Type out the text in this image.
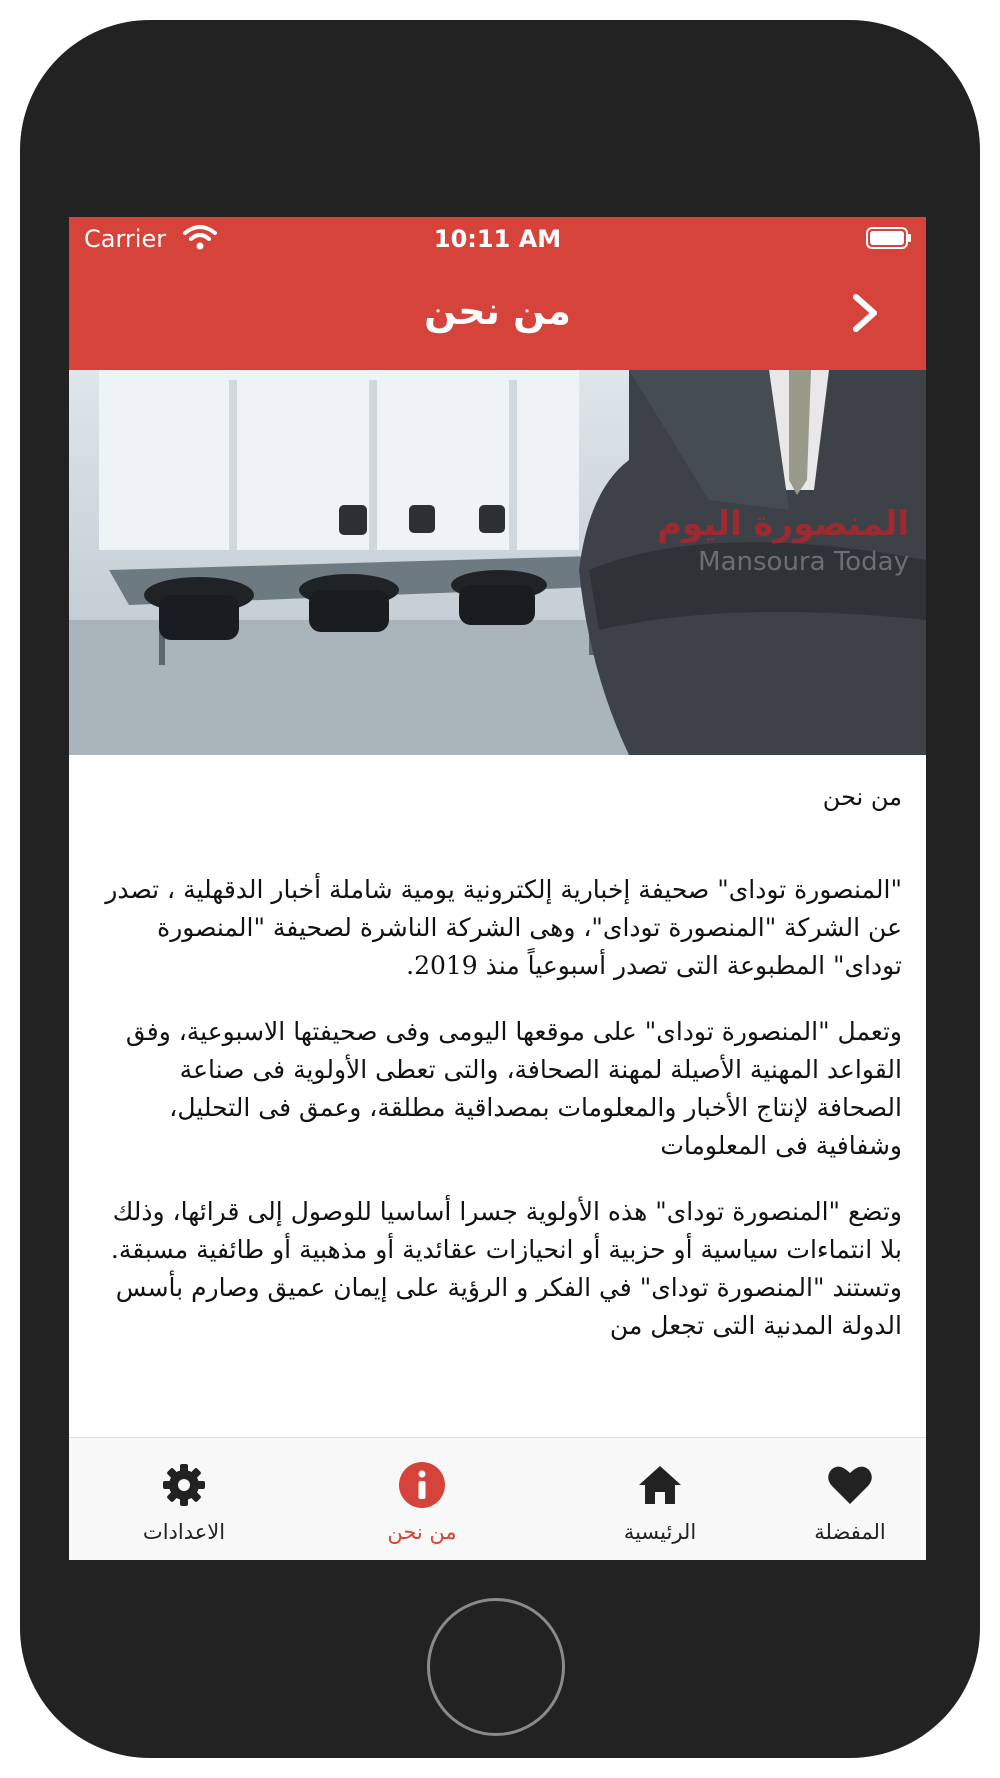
Carrier	10:11 AM
من نحن
المنصورة اليوم
Mansoura Today
من نحن

"المنصورة توداى" صحيفة إخبارية إلكترونية يومية شاملة أخبار الدقهلية ، تصدر عن الشركة "المنصورة توداى"، وهى الشركة الناشرة لصحيفة "المنصورة توداى" المطبوعة التى تصدر أسبوعياً منذ 2019.

وتعمل "المنصورة توداى" على موقعها اليومى وفى صحيفتها الاسبوعية، وفق القواعد المهنية الأصيلة لمهنة الصحافة، والتى تعطى الأولوية فى صناعة الصحافة لإنتاج الأخبار والمعلومات بمصداقية مطلقة، وعمق فى التحليل، وشفافية فى المعلومات

وتضع "المنصورة توداى" هذه الأولوية جسرا أساسيا للوصول إلى قرائها، وذلك بلا انتماءات سياسية أو حزبية أو انحيازات عقائدية أو مذهبية أو طائفية مسبقة. وتستند "المنصورة توداى" في الفكر و الرؤية على إيمان عميق وصارم بأسس الدولة المدنية التى تجعل من

الاعدادات	من نحن	الرئيسية	المفضلة
